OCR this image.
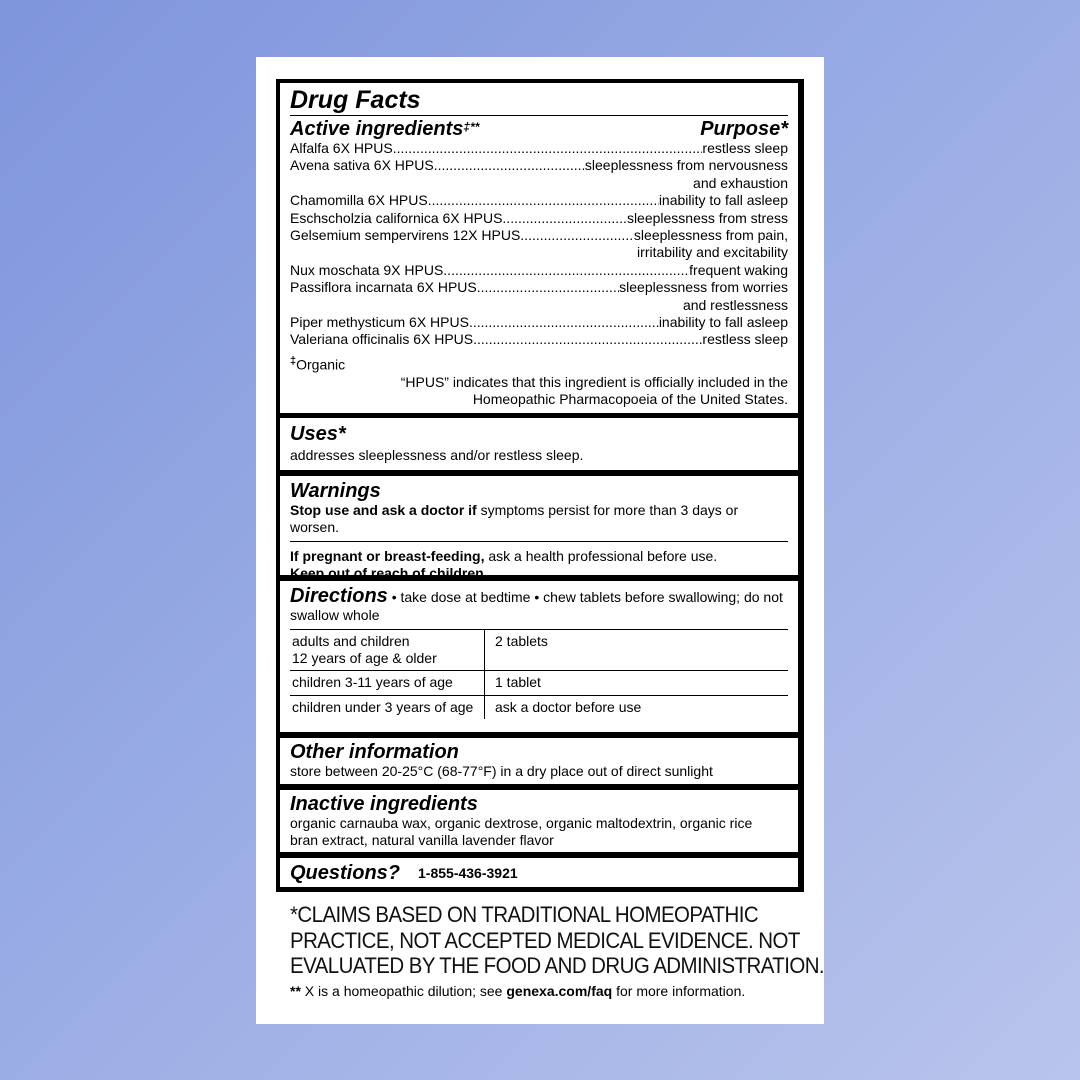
Drug Facts
Active ingredients‡**	Purpose*
Alfalfa 6X HPUS .....	restless sleep
Avena sativa 6X HPUS .....	sleeplessness from nervousness
and exhaustion
Chamomilla 6X HPUS .....	inability to fall asleep
Eschscholzia californica 6X HPUS .....	sleeplessness from stress
Gelsemium sempervirens 12X HPUS .....	sleeplessness from pain,
irritability and excitability
Nux moschata 9X HPUS .....	frequent waking
Passiflora incarnata 6X HPUS .....	sleeplessness from worries
and restlessness
Piper methysticum 6X HPUS .....	inability to fall asleep
Valeriana officinalis 6X HPUS .....	restless sleep
‡Organic
“HPUS” indicates that this ingredient is officially included in the
Homeopathic Pharmacopoeia of the United States.
Uses*
addresses sleeplessness and/or restless sleep.
Warnings
Stop use and ask a doctor if symptoms persist for more than 3 days or worsen.
If pregnant or breast-feeding, ask a health professional before use.
Keep out of reach of children.
Directions • take dose at bedtime • chew tablets before swallowing; do not swallow whole
adults and children
12 years of age & older	2 tablets

children 3-11 years of age	1 tablet

children under 3 years of age	ask a doctor before use
Other information
store between 20-25°C (68-77°F) in a dry place out of direct sunlight
Inactive ingredients
organic carnauba wax, organic dextrose, organic maltodextrin, organic rice
bran extract, natural vanilla lavender flavor
Questions? 1-855-436-3921
*CLAIMS BASED ON TRADITIONAL HOMEOPATHIC
PRACTICE, NOT ACCEPTED MEDICAL EVIDENCE. NOT
EVALUATED BY THE FOOD AND DRUG ADMINISTRATION.
** X is a homeopathic dilution; see genexa.com/faq for more information.
